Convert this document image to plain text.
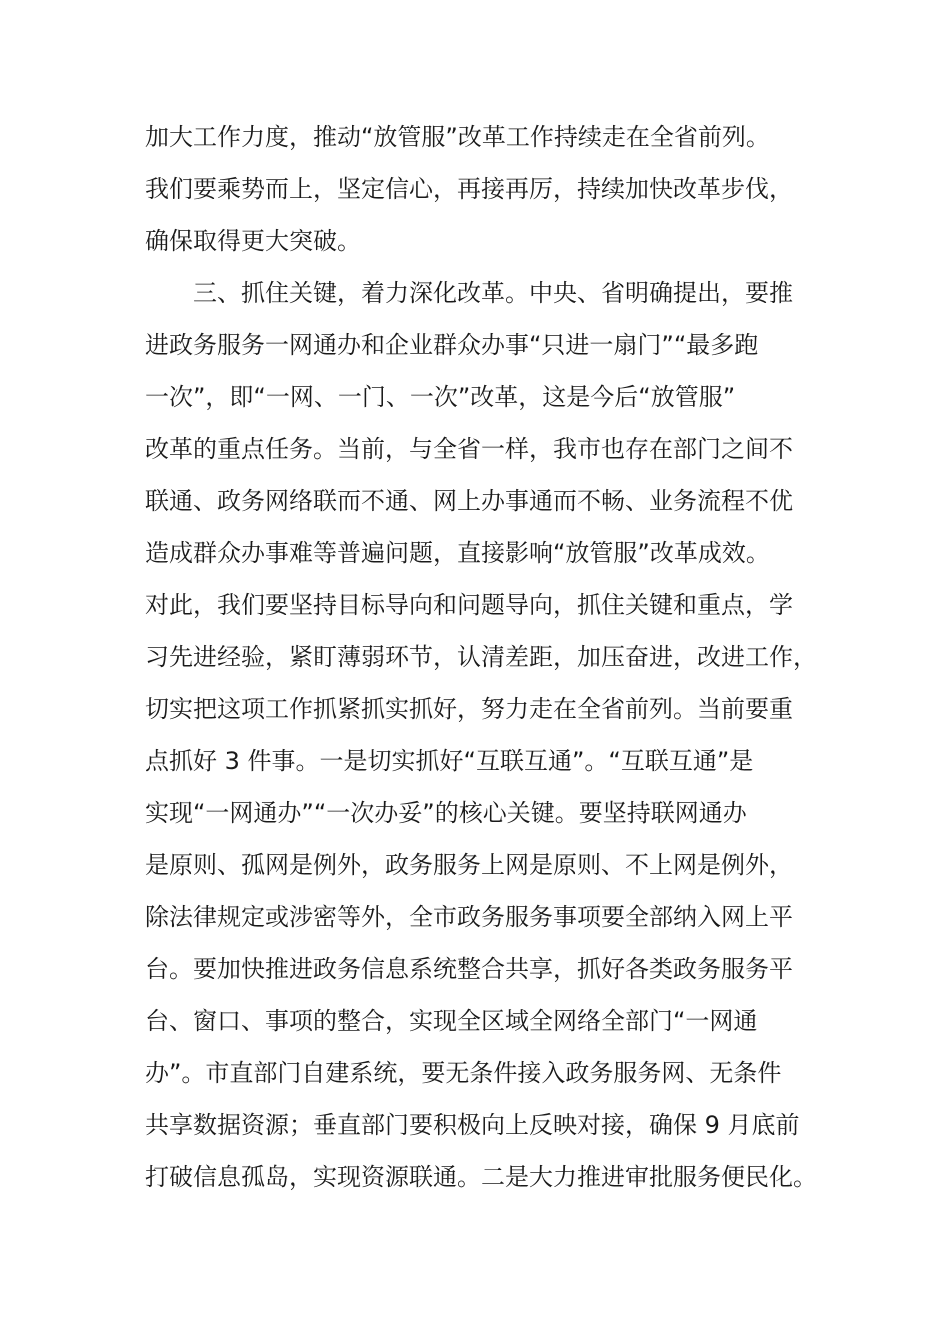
加大工作力度，推动“放管服”改革工作持续走在全省前列。
我们要乘势而上，坚定信心，再接再厉，持续加快改革步伐，
确保取得更大突破。
三、抓住关键，着力深化改革。中央、省明确提出，要推
进政务服务一网通办和企业群众办事“只进一扇门”“最多跑
一次”，即“一网、一门、一次”改革，这是今后“放管服”
改革的重点任务。当前，与全省一样，我市也存在部门之间不
联通、政务网络联而不通、网上办事通而不畅、业务流程不优
造成群众办事难等普遍问题，直接影响“放管服”改革成效。
对此，我们要坚持目标导向和问题导向，抓住关键和重点，学
习先进经验，紧盯薄弱环节，认清差距，加压奋进，改进工作，
切实把这项工作抓紧抓实抓好，努力走在全省前列。当前要重
点抓好 3 件事。一是切实抓好“互联互通”。“互联互通”是
实现“一网通办”“一次办妥”的核心关键。要坚持联网通办
是原则、孤网是例外，政务服务上网是原则、不上网是例外，
除法律规定或涉密等外，全市政务服务事项要全部纳入网上平
台。要加快推进政务信息系统整合共享，抓好各类政务服务平
台、窗口、事项的整合，实现全区域全网络全部门“一网通
办”。市直部门自建系统，要无条件接入政务服务网、无条件
共享数据资源；垂直部门要积极向上反映对接，确保 9 月底前
打破信息孤岛，实现资源联通。二是大力推进审批服务便民化。
